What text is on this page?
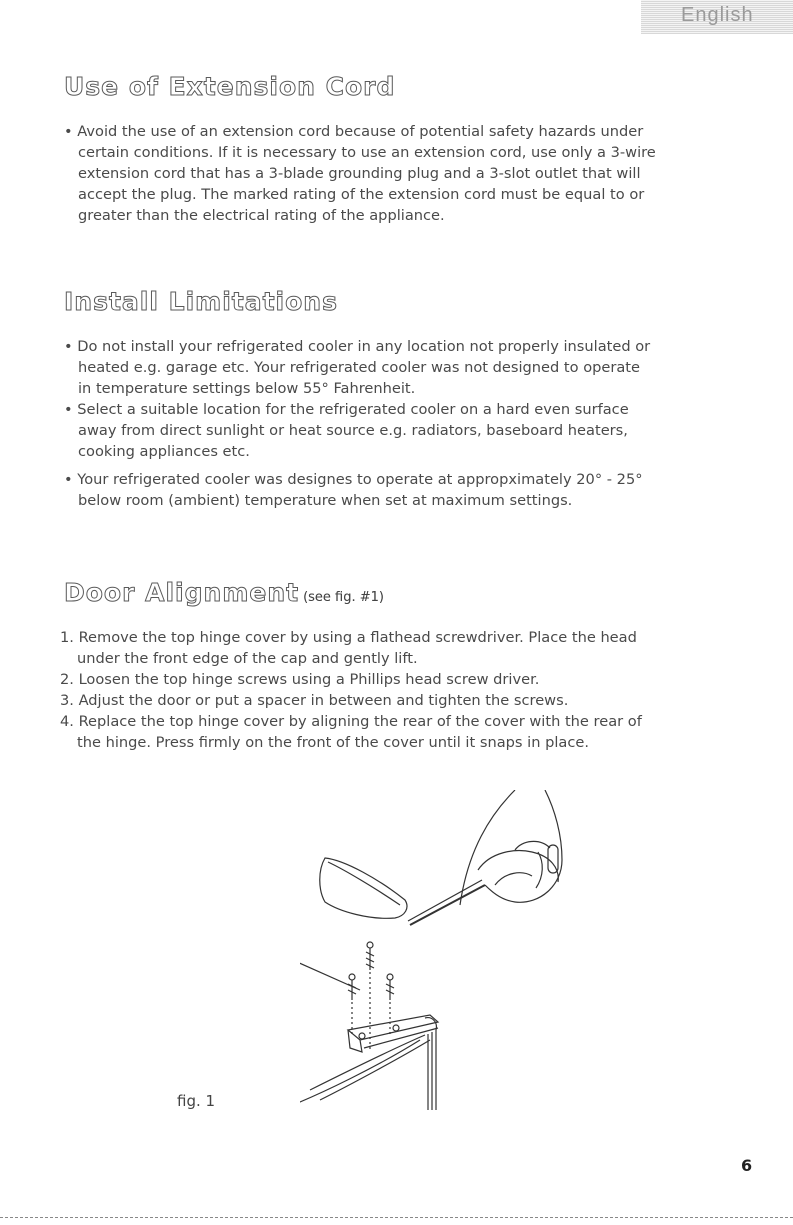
English
Use of Extension Cord

• Avoid the use of an extension cord because of potential safety hazards under
certain conditions. If it is necessary to use an extension cord, use only a 3-wire
extension cord that has a 3-blade grounding plug and a 3-slot outlet that will
accept the plug. The marked rating of the extension cord must be equal to or
greater than the electrical rating of the appliance.

Install Limitations

• Do not install your refrigerated cooler in any location not properly insulated or
heated e.g. garage etc. Your refrigerated cooler was not designed to operate
in temperature settings below 55° Fahrenheit.
• Select a suitable location for the refrigerated cooler on a hard even surface
away from direct sunlight or heat source e.g. radiators, baseboard heaters,
cooking appliances etc.
• Your refrigerated cooler was designes to operate at appropximately 20° - 25°
below room (ambient) temperature when set at maximum settings.

Door Alignment (see fig. #1)

1. Remove the top hinge cover by using a flathead screwdriver. Place the head
under the front edge of the cap and gently lift.
2. Loosen the top hinge screws using a Phillips head screw driver.
3. Adjust the door or put a spacer in between and tighten the screws.
4. Replace the top hinge cover by aligning the rear of the cover with the rear of
the hinge. Press firmly on the front of the cover until it snaps in place.

fig. 1
6
